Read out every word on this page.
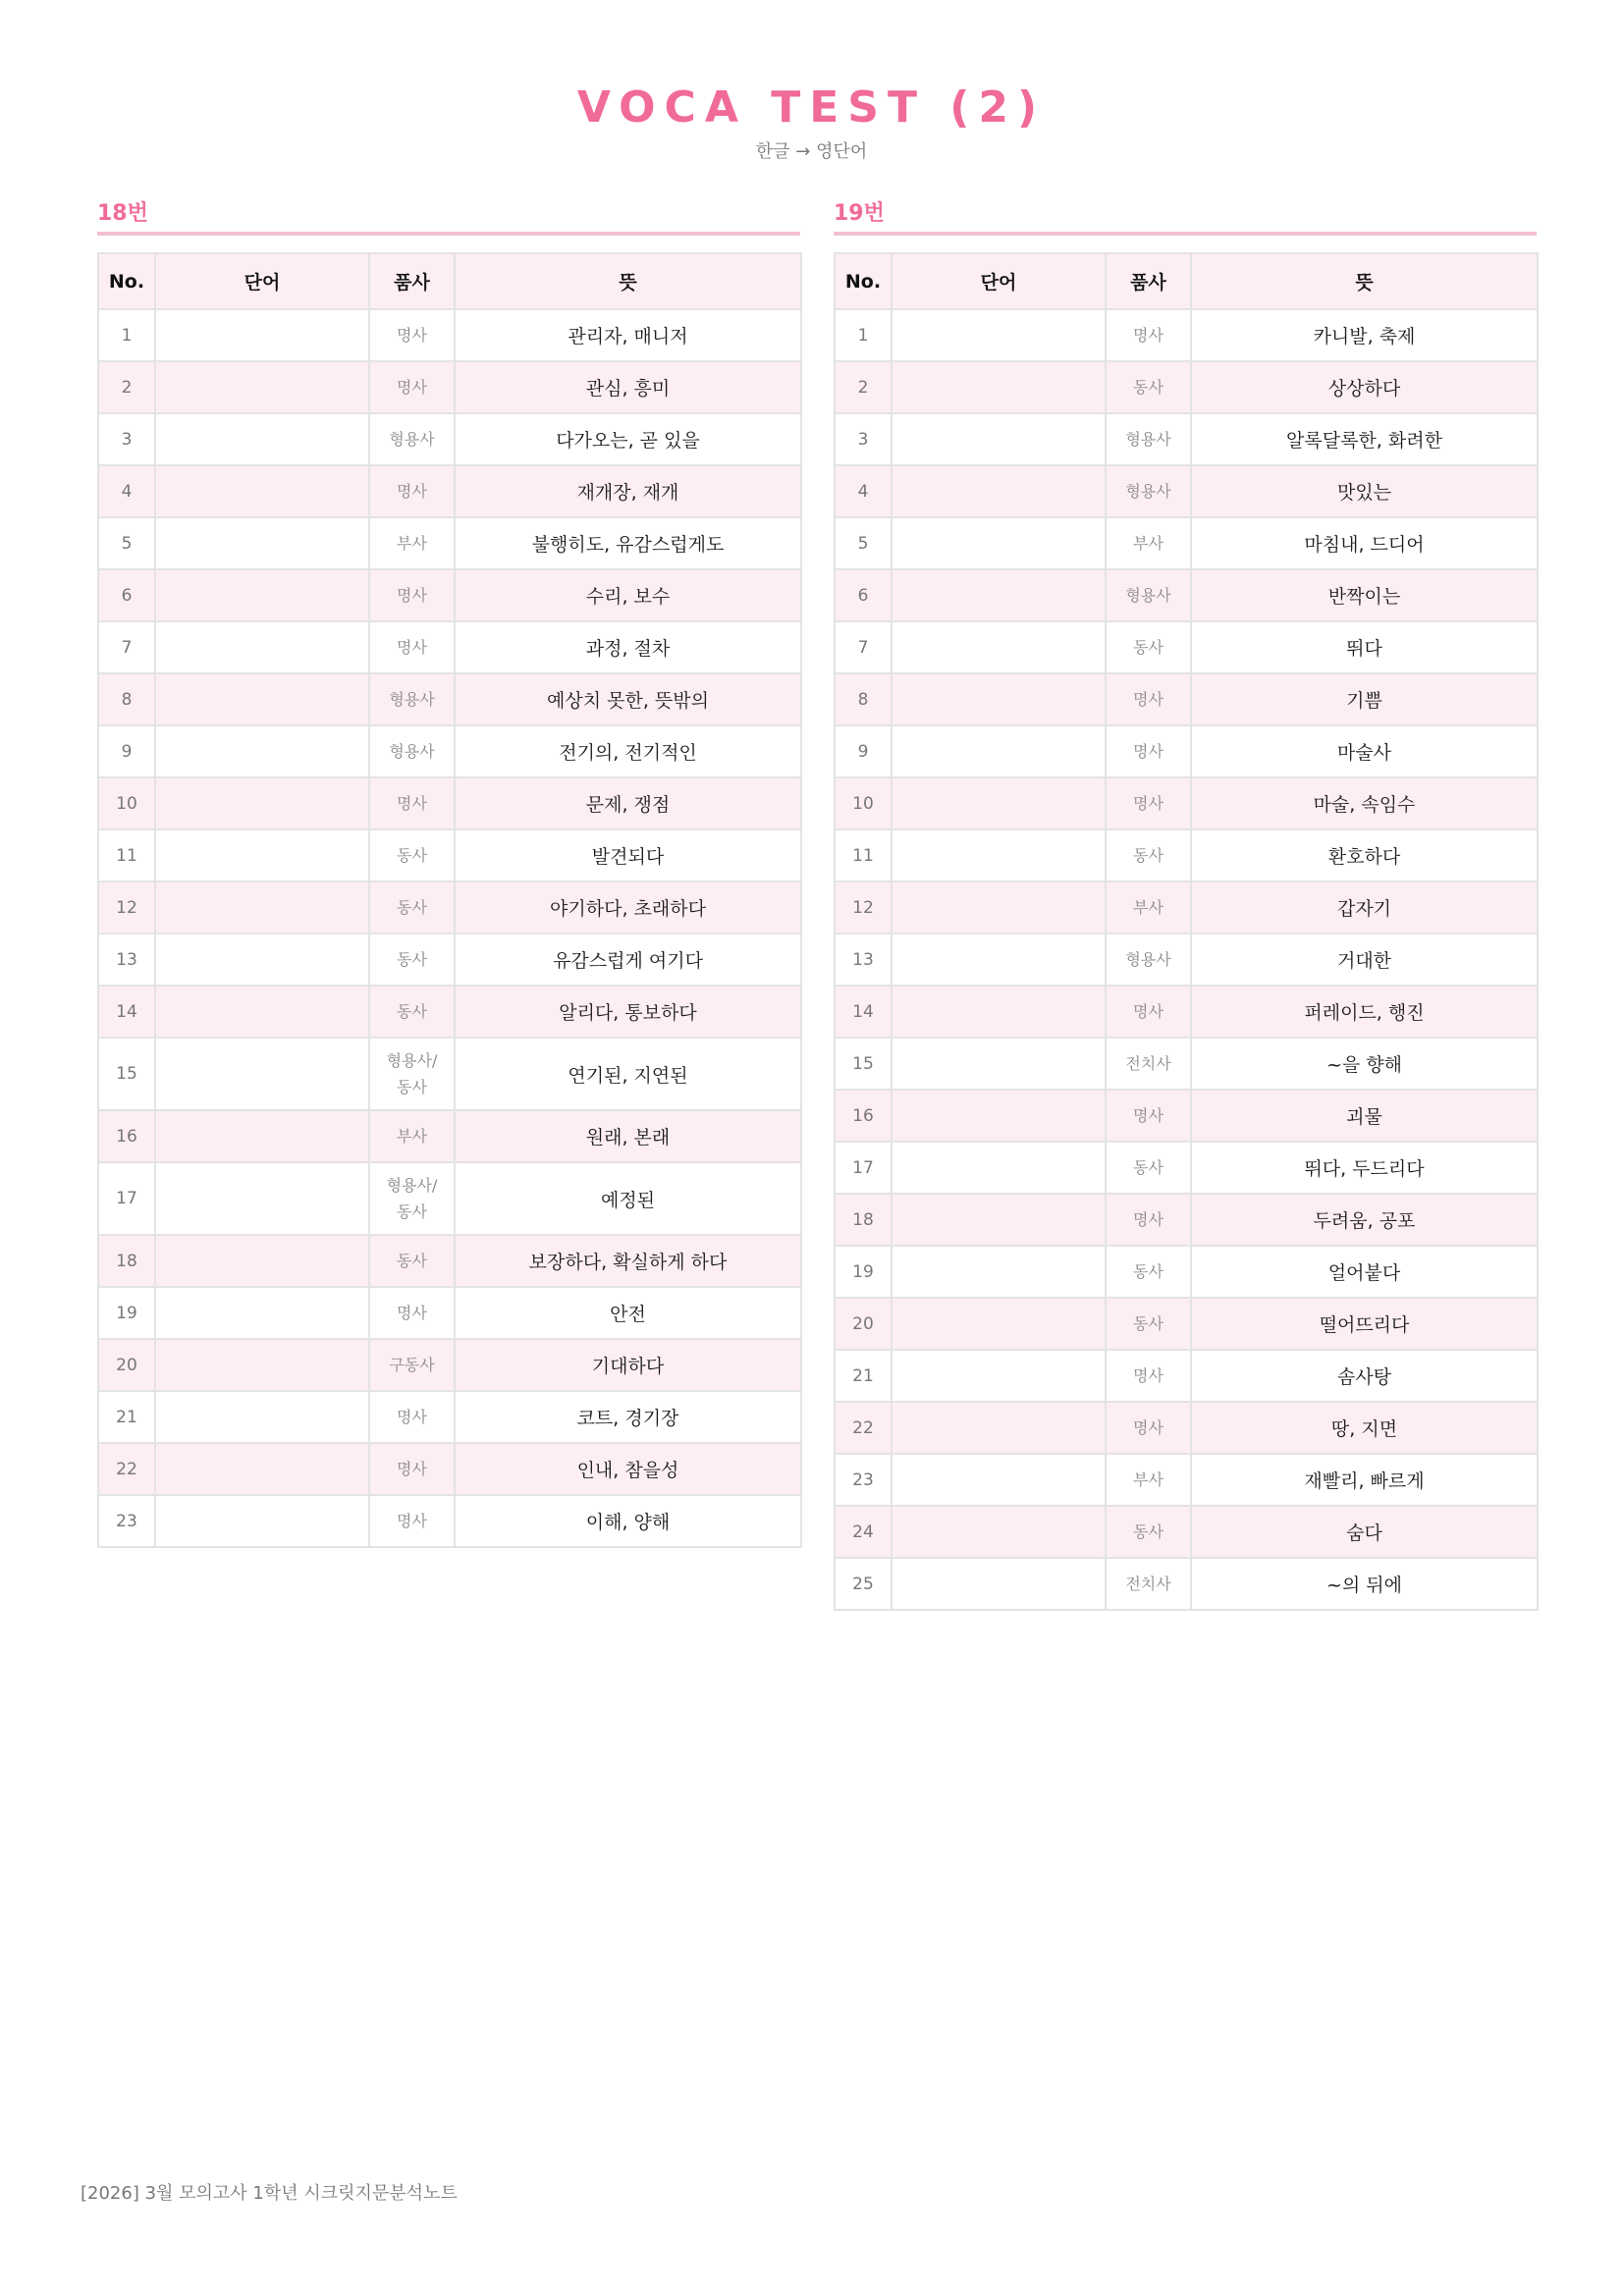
VOCA TEST (2)
한글 → 영단어
18번
No.	단어	품사	뜻
1		명사	관리자, 매니저
2		명사	관심, 흥미
3		형용사	다가오는, 곧 있을
4		명사	재개장, 재개
5		부사	불행히도, 유감스럽게도
6		명사	수리, 보수
7		명사	과정, 절차
8		형용사	예상치 못한, 뜻밖의
9		형용사	전기의, 전기적인
10		명사	문제, 쟁점
11		동사	발견되다
12		동사	야기하다, 초래하다
13		동사	유감스럽게 여기다
14		동사	알리다, 통보하다
15		형용사/
동사	연기된, 지연된
16		부사	원래, 본래
17		형용사/
동사	예정된
18		동사	보장하다, 확실하게 하다
19		명사	안전
20		구동사	기대하다
21		명사	코트, 경기장
22		명사	인내, 참을성
23		명사	이해, 양해
19번
No.	단어	품사	뜻
1		명사	카니발, 축제
2		동사	상상하다
3		형용사	알록달록한, 화려한
4		형용사	맛있는
5		부사	마침내, 드디어
6		형용사	반짝이는
7		동사	뛰다
8		명사	기쁨
9		명사	마술사
10		명사	마술, 속임수
11		동사	환호하다
12		부사	갑자기
13		형용사	거대한
14		명사	퍼레이드, 행진
15		전치사	~을 향해
16		명사	괴물
17		동사	뛰다, 두드리다
18		명사	두려움, 공포
19		동사	얼어붙다
20		동사	떨어뜨리다
21		명사	솜사탕
22		명사	땅, 지면
23		부사	재빨리, 빠르게
24		동사	숨다
25		전치사	~의 뒤에
[2026] 3월 모의고사 1학년 시크릿지문분석노트
